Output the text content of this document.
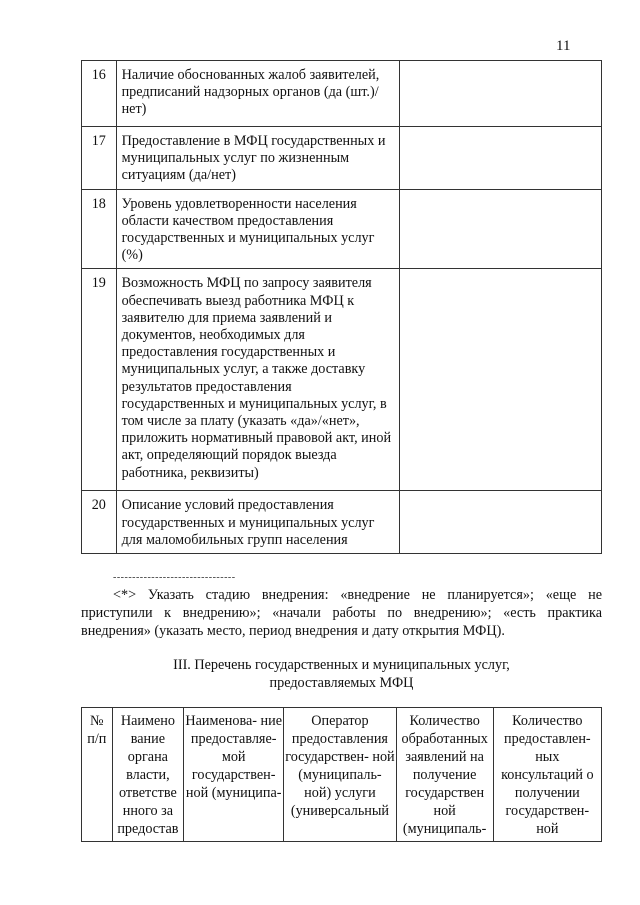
11
16	Наличие обоснованных жалоб заявителей, предписаний надзорных органов (да (шт.)/нет)	
17	Предоставление в МФЦ государственных и муниципальных услуг по жизненным ситуациям (да/нет)	
18	Уровень удовлетворенности населения области качеством предоставления государственных и муниципальных услуг (%)	
19	Возможность МФЦ по запросу заявителя обеспечивать выезд работника МФЦ к заявителю для приема заявлений и документов, необходимых для предоставления государственных и муниципальных услуг, а также доставку результатов предоставления государственных и муниципальных услуг, в том числе за плату (указать «да»/«нет», приложить нормативный правовой акт, иной акт, определяющий порядок выезда работника, реквизиты)	
20	Описание условий предоставления государственных и муниципальных услуг для маломобильных групп населения	
--------------------------------
<*> Указать стадию внедрения: «внедрение не планируется»; «еще не приступили к внедрению»; «начали работы по внедрению»; «есть практика внедрения» (указать место, период внедрения и дату открытия МФЦ).
III. Перечень государственных и муниципальных услуг,
предоставляемых МФЦ
№ п/п	Наимено вание органа власти, ответстве нного за предостав	Наименова- ние предоставляе- мой государствен- ной (муниципа-	Оператор предоставления государствен- ной (муниципаль- ной) услуги (универсальный	Количество обработанных заявлений на получение государствен ной (муниципаль-	Количество предоставлен- ных консультаций о получении государствен- ной
